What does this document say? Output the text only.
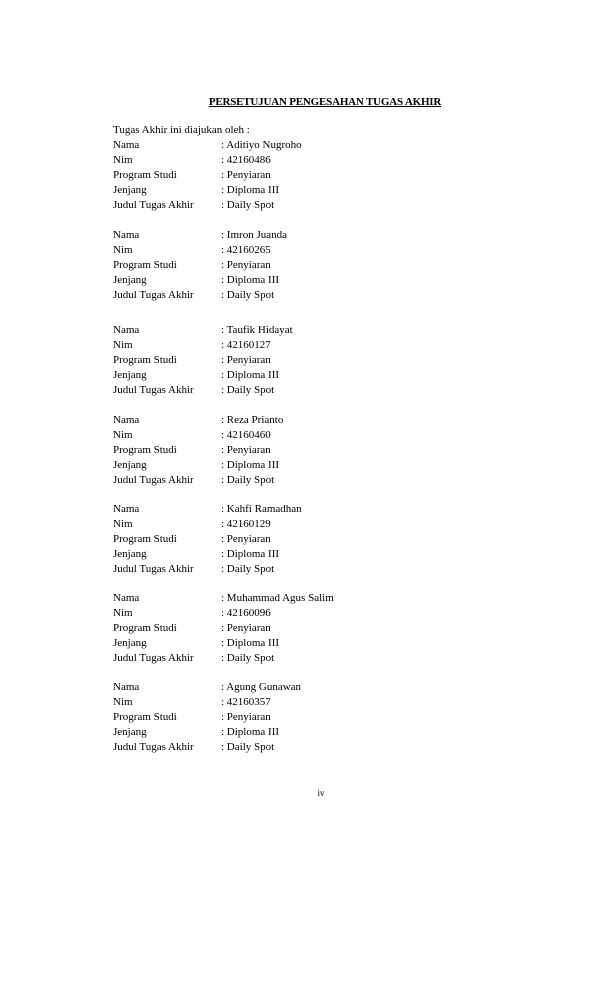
PERSETUJUAN PENGESAHAN TUGAS AKHIR

Tugas Akhir ini diajukan oleh :

Nama	: Aditiyo Nugroho
Nim	: 42160486
Program Studi	: Penyiaran
Jenjang	: Diploma III
Judul Tugas Akhir : Daily Spot
Nama	: Imron Juanda
Nim	: 42160265
Program Studi	: Penyiaran
Jenjang	: Diploma III
Judul Tugas Akhir : Daily Spot
Nama	: Taufik Hidayat
Nim	: 42160127
Program Studi	: Penyiaran
Jenjang	: Diploma III
Judul Tugas Akhir : Daily Spot
Nama	: Reza Prianto
Nim	: 42160460
Program Studi	: Penyiaran
Jenjang	: Diploma III
Judul Tugas Akhir : Daily Spot
Nama	: Kahfi Ramadhan
Nim	: 42160129
Program Studi	: Penyiaran
Jenjang	: Diploma III
Judul Tugas Akhir : Daily Spot
Nama	: Muhammad Agus Salim
Nim	: 42160096
Program Studi	: Penyiaran
Jenjang	: Diploma III
Judul Tugas Akhir : Daily Spot
Nama	: Agung Gunawan
Nim	: 42160357
Program Studi	: Penyiaran
Jenjang	: Diploma III
Judul Tugas Akhir : Daily Spot

iv
